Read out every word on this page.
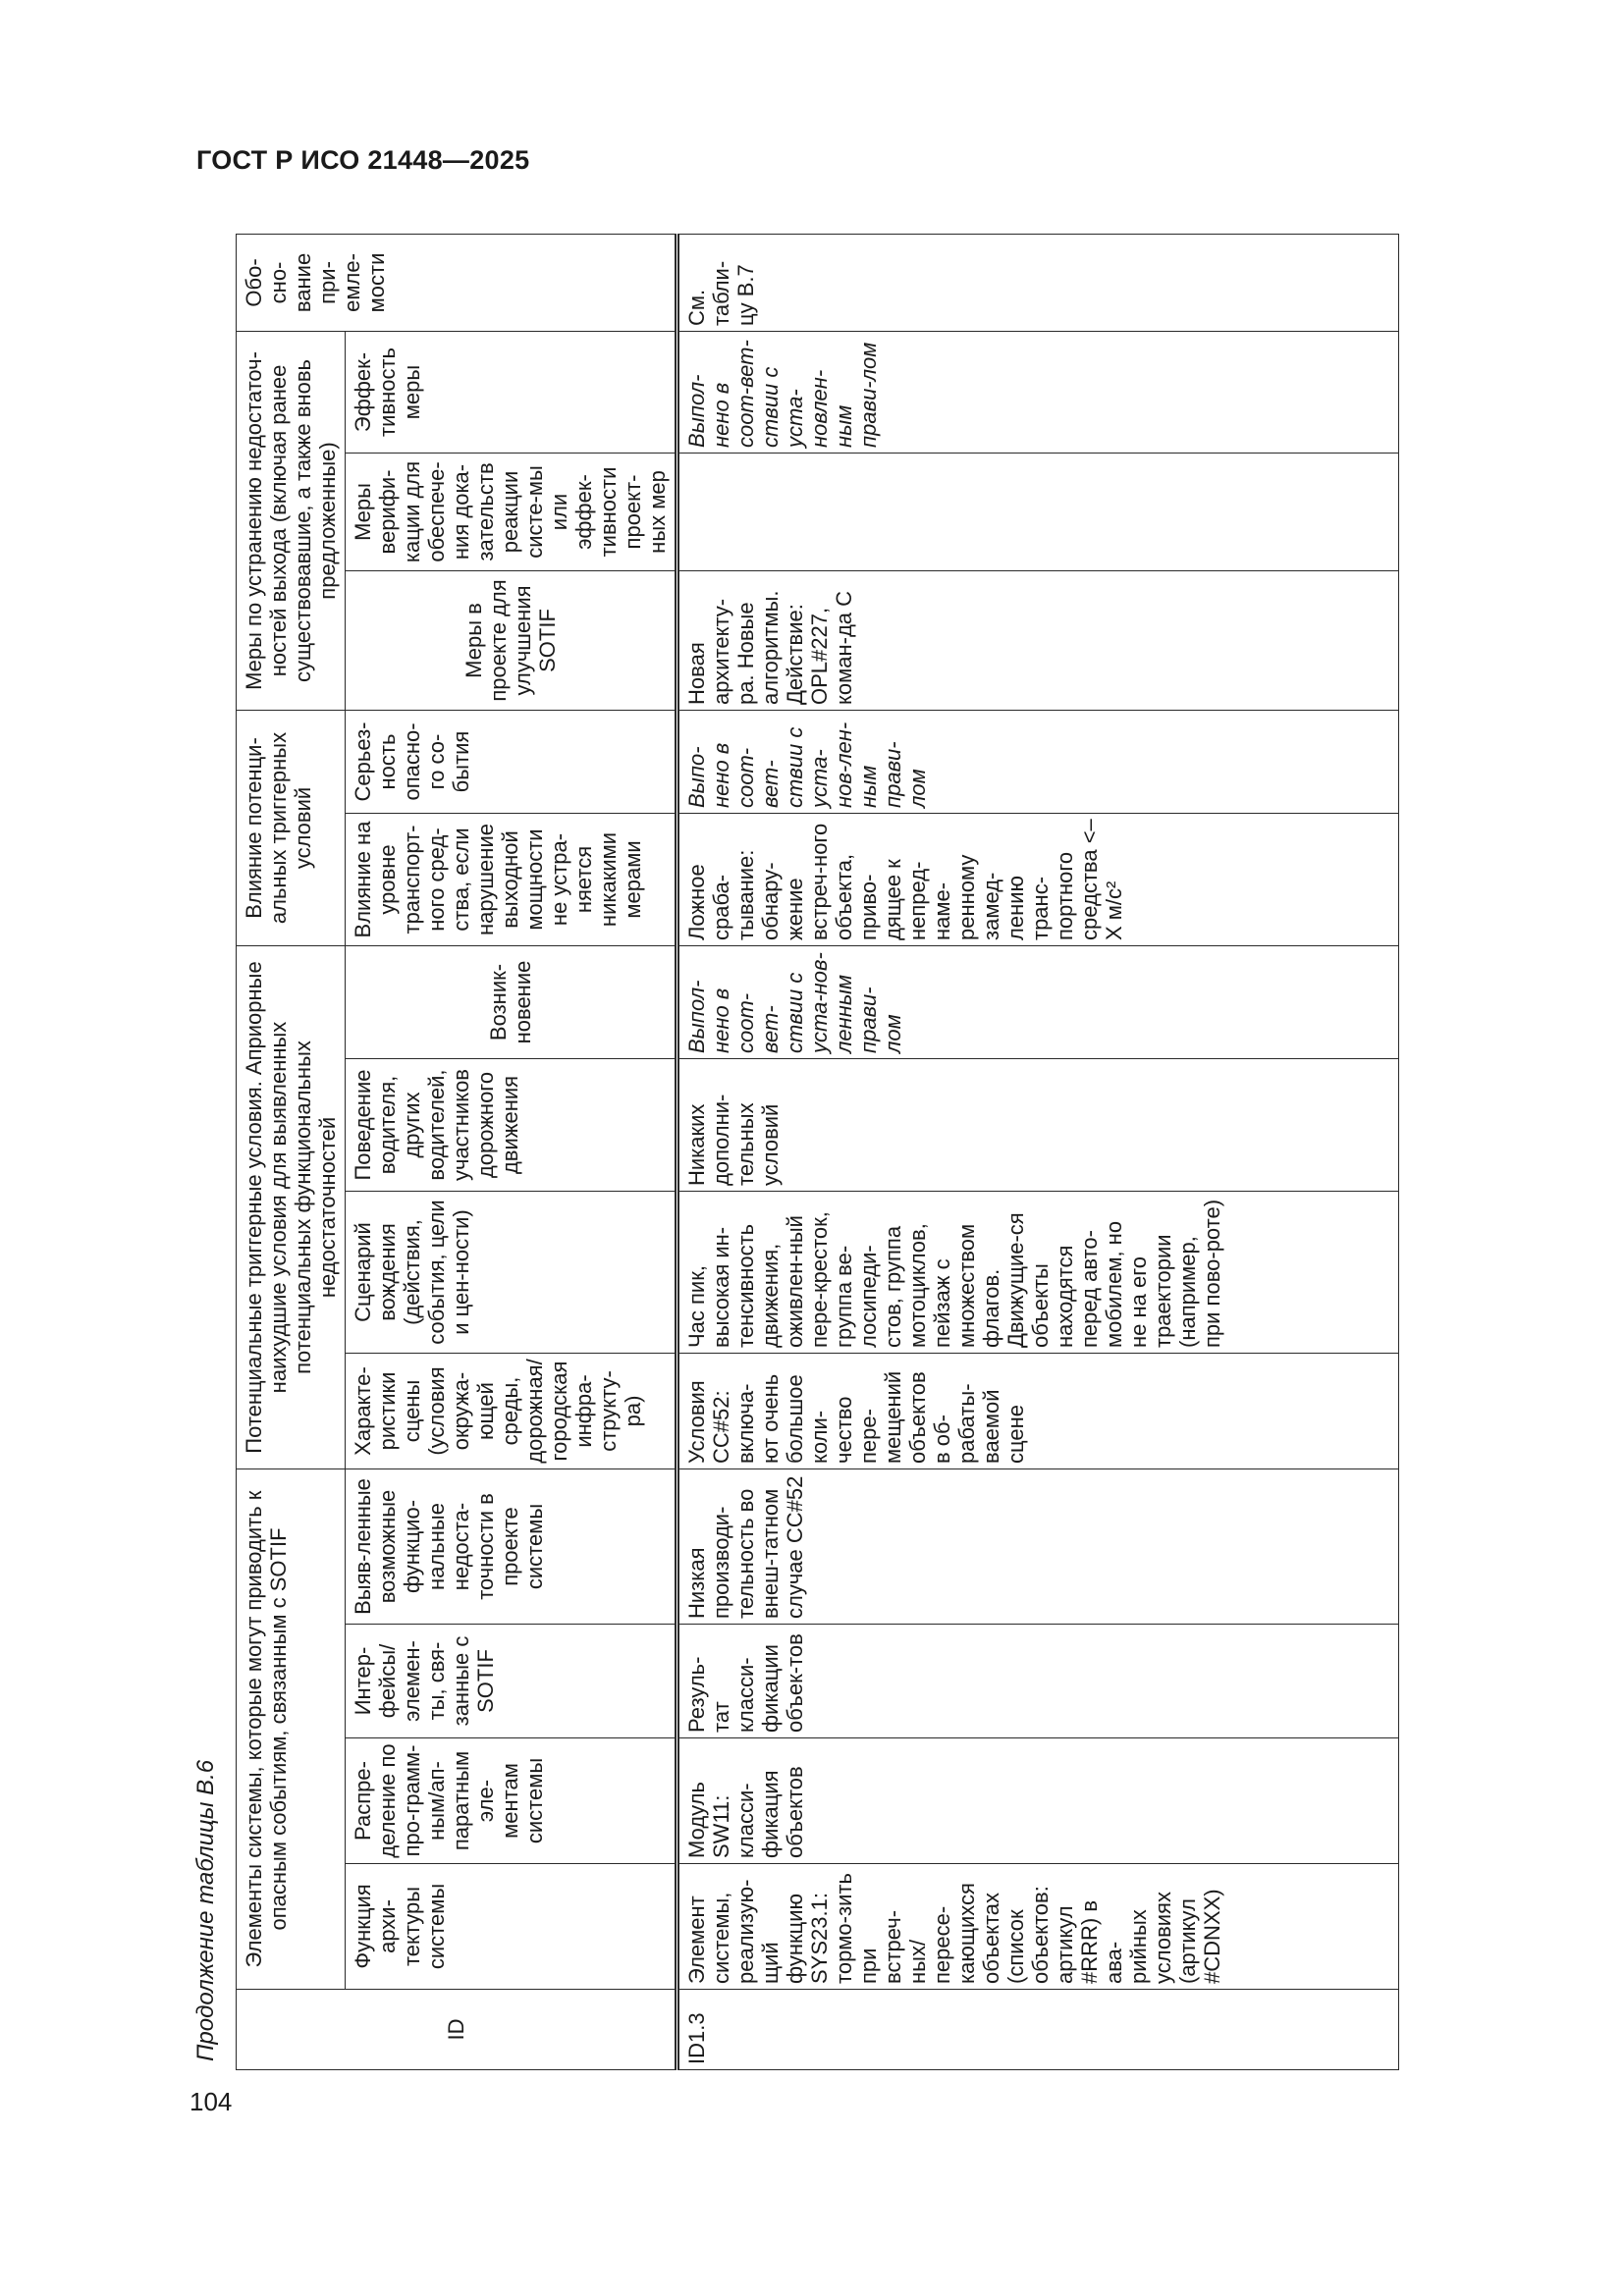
ГОСТ Р ИСО 21448—2025
Продолжение таблицы В.6	ID	Элементы системы, которые могут приводить к опасным событиям, связанным с SOTIF				Потенциальные триггерные условия. Априорные наихудшие условия для выявленных потенциальных функциональных недостаточностей				Влияние потенци-альных триггерных условий		Меры по устранению недостаточ-ностей выхода (включая ранее существовавшие, а также вновь предложенные)			Обо-сно-вание при-емле-мости
	Функция архи-тектуры системы	Распре-деление по про-грамм-ным/ап-паратным эле-ментам системы	Интер-фейсы/элемен-ты, свя-занные с SOTIF	Выяв-ленные возможные функцио-нальные недоста-точности в проекте системы	Характе-ристики сцены (условия окружа-ющей среды, дорожная/городская инфра-структу-ра)	Сценарий вождения (действия, события, цели и цен-ности)	Поведение водителя, других водителей, участников дорожного движения	Возник-новение	Влияние на уровне транспорт-ного сред-ства, если нарушение выходной мощности не устра-няется никакими мерами	Серьез-ность опасно-го со-бытия	Меры в проекте для улучшения SOTIF	Меры верифи-кации для обеспече-ния дока-зательств реакции систе-мы или эффек-тивности проект-ных мер	Эффек-тивность меры	
ID1.3	Элемент системы, реализую-щий функцию SYS23.1: тормо-зить при встреч-ных/ пересе-кающихся объектах (список объектов: артикул #RRR) в ава-рийных условиях (артикул #CDNXX)	Модуль SW11: класси-фикация объектов	Резуль-тат класси-фикации объек-тов	Низкая производи-тельность во внеш-татном случае CC#52	Условия CC#52: включа-ют очень большое коли-чество пере-мещений объектов в об-рабаты-ваемой сцене	Час пик, высокая ин-тенсивность движения, оживлен-ный пере-кресток, группа ве-лосипеди-стов, группа мотоциклов, пейзаж с множеством флагов. Движущие-ся объекты находятся перед авто-мобилем, но не на его траектории (например, при пово-роте)	Никаких дополни-тельных условий	Выпол-нено в соот-вет-ствии с уста-нов-ленным прави-лом	Ложное сраба-тывание: обнару-жение встреч-ного объекта, приво-дящее к непред-наме-ренному замед-лению транс-портного средства <–X м/с²	Выпо-нено в соот-вет-ствии с уста-нов-лен-ным прави-лом	Новая архитекту-ра. Новые алгоритмы. Действие: OPL#227, коман-да С		Выпол-нено в соот-вет-ствии с уста-новлен-ным прави-лом	См. табли-цу В.7
104
